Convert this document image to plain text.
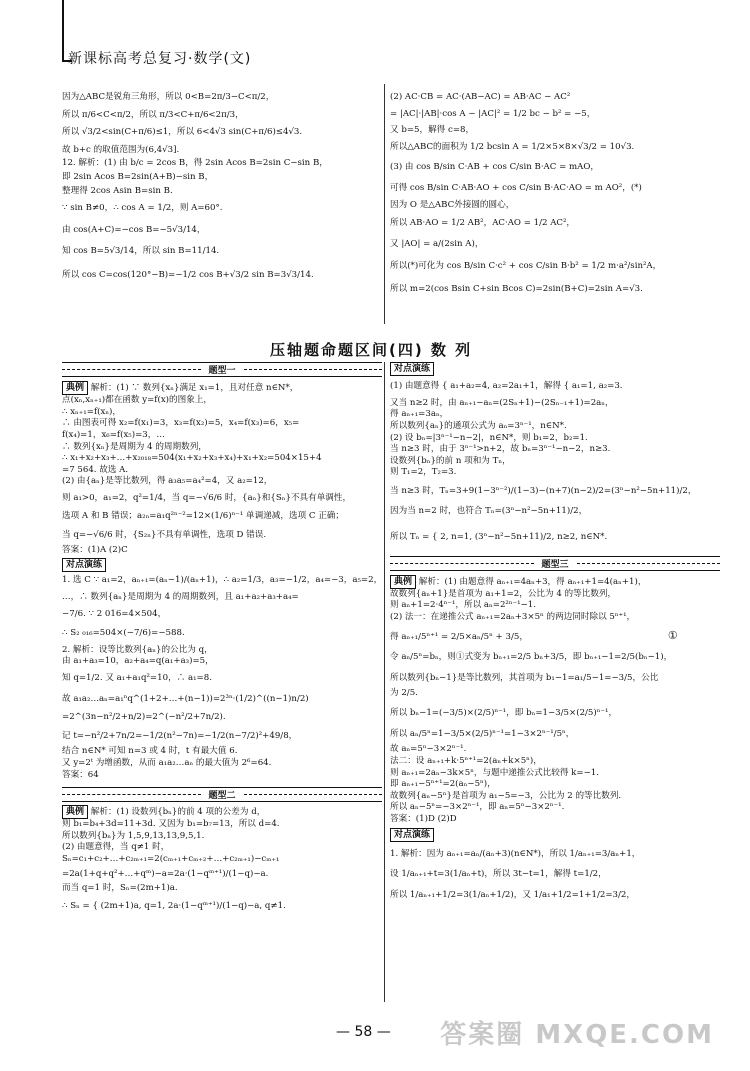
新课标高考总复习·数学(文)
因为△ABC是锐角三角形，所以 0<B=2π/3−C<π/2，
所以 π/6<C<π/2，所以 π/3<C+π/6<2π/3，
所以 √3/2<sin(C+π/6)≤1，所以 6<4√3 sin(C+π/6)≤4√3.
故 b+c 的取值范围为(6,4√3].
12. 解析：(1) 由 b/c = 2cos B，得 2sin Acos B=2sin C−sin B，
即 2sin Acos B=2sin(A+B)−sin B，
整理得 2cos Asin B=sin B.
∵ sin B≠0，∴ cos A = 1/2，则 A=60°.
由 cos(A+C)=−cos B=−5√3/14，
知 cos B=5√3/14，所以 sin B=11/14.
所以 cos C=cos(120°−B)=−1/2 cos B+√3/2 sin B=3√3/14.
(2) AC·CB = AC·(AB−AC) = AB·AC − AC²
= |AC|·|AB|·cos A − |AC|² = 1/2 bc − b² = −5，
又 b=5，解得 c=8，
所以△ABC的面积为 1/2 bcsin A = 1/2×5×8×√3/2 = 10√3.
(3) 由 cos B/sin C·AB + cos C/sin B·AC = mAO，
可得 cos B/sin C·AB·AO + cos C/sin B·AC·AO = m AO²，(*)
因为 O 是△ABC外接圆的圆心，
所以 AB·AO = 1/2 AB²，AC·AO = 1/2 AC²，
又 |AO| = a/(2sin A)，
所以(*)可化为 cos B/sin C·c² + cos C/sin B·b² = 1/2 m·a²/sin²A，
所以 m=2(cos Bsin C+sin Bcos C)=2sin(B+C)=2sin A=√3.
压轴题命题区间(四) 数 列
题型一
典例 解析：(1) ∵ 数列{xₙ}满足 x₁=1，且对任意 n∈N*，
点(xₙ,xₙ₊₁)都在函数 y=f(x)的图象上，
∴ xₙ₊₁=f(xₙ)，
∴ 由图表可得 x₂=f(x₁)=3，x₃=f(x₂)=5，x₄=f(x₃)=6，x₅=
f(x₄)=1，x₆=f(x₅)=3，…
∴ 数列{xₙ}是周期为 4 的周期数列，
∴ x₁+x₂+x₃+…+x₂₀₁₈=504(x₁+x₂+x₃+x₄)+x₁+x₂=504×15+4
=7 564. 故选 A.
(2) 由{aₙ}是等比数列，得 a₃a₅=a₄²=4，又 a₂=12，
则 a₁>0，a₁=2，q²=1/4，当 q=−√6/6 时，{aₙ}和{Sₙ}不具有单调性，
选项 A 和 B 错误；a₂ₙ=a₁q²ⁿ⁻²=12×(1/6)ⁿ⁻¹ 单调递减，选项 C 正确；
当 q=−√6/6 时，{S₂ₙ}不具有单调性，选项 D 错误.
答案：(1)A (2)C
对点演练
1. 选 C ∵ a₁=2，aₙ₊₁=(aₙ−1)/(aₙ+1)，∴ a₂=1/3，a₃=−1/2，a₄=−3，a₅=2，
…，∴ 数列{aₙ}是周期为 4 的周期数列，且 a₁+a₂+a₃+a₄=
−7/6. ∵ 2 016=4×504，
∴ S₂ ₀₁₆=504×(−7/6)=−588.
2. 解析：设等比数列{aₙ}的公比为 q，
由 a₁+a₃=10，a₂+a₄=q(a₁+a₃)=5，
知 q=1/2. 又 a₁+a₁q²=10，∴ a₁=8.
故 a₁a₂…aₙ=a₁ⁿq^(1+2+…+(n−1))=2³ⁿ·(1/2)^((n−1)n/2)
=2^(3n−n²/2+n/2)=2^(−n²/2+7n/2).
记 t=−n²/2+7n/2=−1/2(n²−7n)=−1/2(n−7/2)²+49/8，
结合 n∈N* 可知 n=3 或 4 时，t 有最大值 6.
又 y=2ᵗ 为增函数，从而 a₁a₂…aₙ 的最大值为 2⁶=64.
答案：64
题型二
典例 解析：(1) 设数列{bₙ}的前 4 项的公差为 d，
则 b₁=b₄+3d=11+3d. 又因为 b₁=b₇=13，所以 d=4.
所以数列{bₙ}为 1,5,9,13,13,9,5,1.
(2) 由题意得，当 q≠1 时，
Sₙ=c₁+c₂+…+c₂ₘ₊₁=2(cₘ₊₁+cₘ₊₂+…+c₂ₘ₊₁)−cₘ₊₁
=2a(1+q+q²+…+qᵐ)−a=2a·(1−qᵐ⁺¹)/(1−q)−a.
而当 q=1 时，Sₙ=(2m+1)a.
∴ Sₙ = { (2m+1)a, q=1, 2a·(1−qᵐ⁺¹)/(1−q)−a, q≠1.
对点演练
(1) 由题意得 { a₁+a₂=4, a₂=2a₁+1，解得 { a₁=1, a₂=3.
又当 n≥2 时，由 aₙ₊₁−aₙ=(2Sₙ+1)−(2Sₙ₋₁+1)=2aₙ，
得 aₙ₊₁=3aₙ，
所以数列{aₙ}的通项公式为 aₙ=3ⁿ⁻¹，n∈N*.
(2) 设 bₙ=|3ⁿ⁻¹−n−2|，n∈N*，则 b₁=2，b₂=1.
当 n≥3 时，由于 3ⁿ⁻¹>n+2，故 bₙ=3ⁿ⁻¹−n−2，n≥3.
设数列{bₙ}的前 n 项和为 Tₙ，
则 T₁=2，T₂=3.
当 n≥3 时，Tₙ=3+9(1−3ⁿ⁻²)/(1−3)−(n+7)(n−2)/2=(3ⁿ−n²−5n+11)/2，
因为当 n=2 时，也符合 Tₙ=(3ⁿ−n²−5n+11)/2，
所以 Tₙ = { 2, n=1, (3ⁿ−n²−5n+11)/2, n≥2, n∈N*.
题型三
典例 解析：(1) 由题意得 aₙ₊₁=4aₙ+3，得 aₙ₊₁+1=4(aₙ+1)，
故数列{aₙ+1}是首项为 a₁+1=2，公比为 4 的等比数列，
则 aₙ+1=2·4ⁿ⁻¹，所以 aₙ=2²ⁿ⁻¹−1.
(2) 法一：在递推公式 aₙ₊₁=2aₙ+3×5ⁿ 的两边同时除以 5ⁿ⁺¹，
得 aₙ₊₁/5ⁿ⁺¹ = 2/5×aₙ/5ⁿ + 3/5，	①
令 aₙ/5ⁿ=bₙ，则①式变为 bₙ₊₁=2/5 bₙ+3/5，即 bₙ₊₁−1=2/5(bₙ−1)，
所以数列{bₙ−1}是等比数列，其首项为 b₁−1=a₁/5−1=−3/5，公比
为 2/5.
所以 bₙ−1=(−3/5)×(2/5)ⁿ⁻¹，即 bₙ=1−3/5×(2/5)ⁿ⁻¹，
所以 aₙ/5ⁿ=1−3/5×(2/5)ⁿ⁻¹=1−3×2ⁿ⁻¹/5ⁿ，
故 aₙ=5ⁿ−3×2ⁿ⁻¹.
法二：设 aₙ₊₁+k·5ⁿ⁺¹=2(aₙ+k×5ⁿ)，
则 aₙ₊₁=2aₙ−3k×5ⁿ，与题中递推公式比较得 k=−1.
即 aₙ₊₁−5ⁿ⁺¹=2(aₙ−5ⁿ)，
故数列{aₙ−5ⁿ}是首项为 a₁−5=−3，公比为 2 的等比数列.
所以 aₙ−5ⁿ=−3×2ⁿ⁻¹，即 aₙ=5ⁿ−3×2ⁿ⁻¹.
答案：(1)D (2)D
对点演练
1. 解析：因为 aₙ₊₁=aₙ/(aₙ+3)(n∈N*)，所以 1/aₙ₊₁=3/aₙ+1，
设 1/aₙ₊₁+t=3(1/aₙ+t)，所以 3t−t=1，解得 t=1/2，
所以 1/aₙ₊₁+1/2=3(1/aₙ+1/2)，又 1/a₁+1/2=1+1/2=3/2，
— 58 — 答案圈 MXQE.COM
